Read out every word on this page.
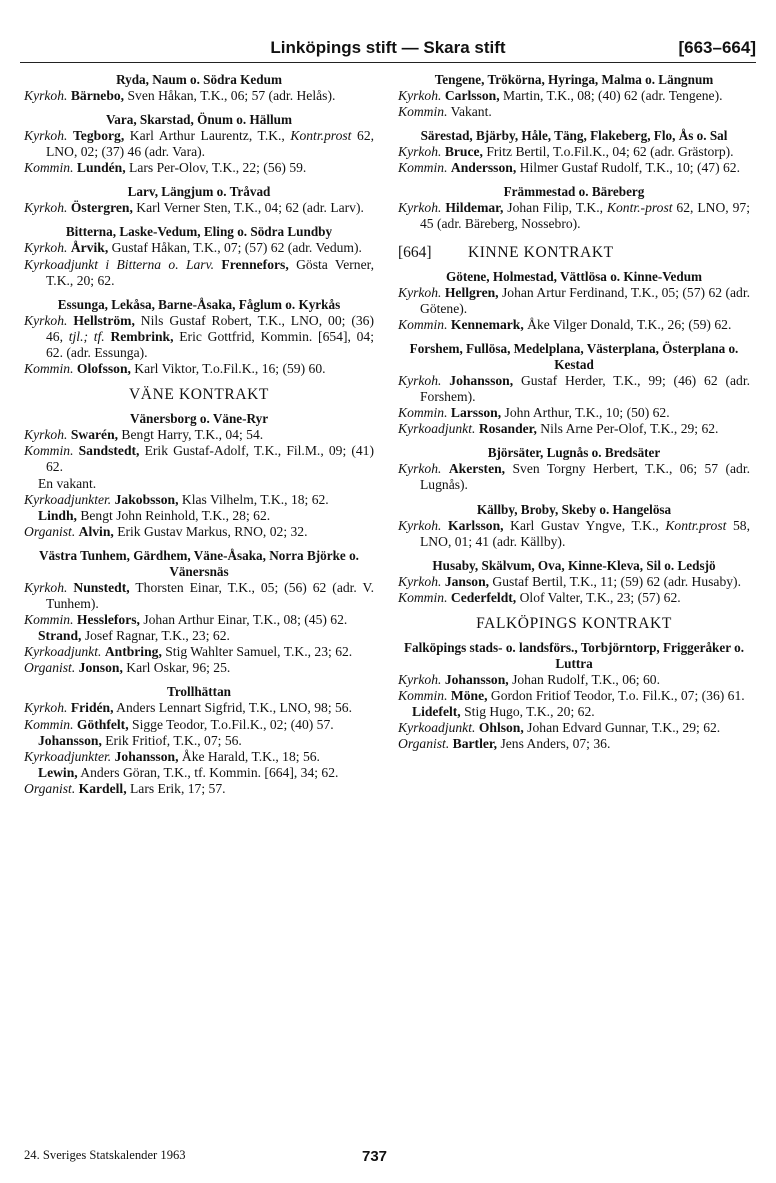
Linköpings stift — Skara stift	[663–664]
Ryda, Naum o. Södra Kedum
Kyrkoh. Bärnebo, Sven Håkan, T.K., 06; 57 (adr. Helås).
Vara, Skarstad, Önum o. Hällum
Kyrkoh. Tegborg, Karl Arthur Laurentz, T.K., Kontr.prost 62, LNO, 02; (37) 46 (adr. Vara).
Kommin. Lundén, Lars Per-Olov, T.K., 22; (56) 59.
Larv, Längjum o. Tråvad
Kyrkoh. Östergren, Karl Verner Sten, T.K., 04; 62 (adr. Larv).
Bitterna, Laske-Vedum, Eling o. Södra Lundby
Kyrkoh. Årvik, Gustaf Håkan, T.K., 07; (57) 62 (adr. Vedum).
Kyrkoadjunkt i Bitterna o. Larv. Frennefors, Gösta Verner, T.K., 20; 62.
Essunga, Lekåsa, Barne-Åsaka, Fåglum o. Kyrkås
Kyrkoh. Hellström, Nils Gustaf Robert, T.K., LNO, 00; (36) 46, tjl.; tf. Rembrink, Eric Gottfrid, Kommin. [654], 04; 62. (adr. Essunga).
Kommin. Olofsson, Karl Viktor, T.o.Fil.K., 16; (59) 60.
VÄNE KONTRAKT
Vänersborg o. Väne-Ryr
Kyrkoh. Swarén, Bengt Harry, T.K., 04; 54.
Kommin. Sandstedt, Erik Gustaf-Adolf, T.K., Fil.M., 09; (41) 62.
En vakant.
Kyrkoadjunkter. Jakobsson, Klas Vilhelm, T.K., 18; 62.
Lindh, Bengt John Reinhold, T.K., 28; 62.
Organist. Alvin, Erik Gustav Markus, RNO, 02; 32.
Västra Tunhem, Gärdhem, Väne-Åsaka, Norra Björke o. Vänersnäs
Kyrkoh. Nunstedt, Thorsten Einar, T.K., 05; (56) 62 (adr. V. Tunhem).
Kommin. Hesslefors, Johan Arthur Einar, T.K., 08; (45) 62.
Strand, Josef Ragnar, T.K., 23; 62.
Kyrkoadjunkt. Antbring, Stig Wahlter Samuel, T.K., 23; 62.
Organist. Jonson, Karl Oskar, 96; 25.
Trollhättan
Kyrkoh. Fridén, Anders Lennart Sigfrid, T.K., LNO, 98; 56.
Kommin. Göthfelt, Sigge Teodor, T.o.Fil.K., 02; (40) 57.
Johansson, Erik Fritiof, T.K., 07; 56.
Kyrkoadjunkter. Johansson, Åke Harald, T.K., 18; 56.
Lewin, Anders Göran, T.K., tf. Kommin. [664], 34; 62.
Organist. Kardell, Lars Erik, 17; 57.
Tengene, Trökörna, Hyringa, Malma o. Längnum
Kyrkoh. Carlsson, Martin, T.K., 08; (40) 62 (adr. Tengene).
Kommin. Vakant.
Särestad, Bjärby, Håle, Täng, Flakeberg, Flo, Ås o. Sal
Kyrkoh. Bruce, Fritz Bertil, T.o.Fil.K., 04; 62 (adr. Grästorp).
Kommin. Andersson, Hilmer Gustaf Rudolf, T.K., 10; (47) 62.
Främmestad o. Bäreberg
Kyrkoh. Hildemar, Johan Filip, T.K., Kontr.-prost 62, LNO, 97; 45 (adr. Bäreberg, Nossebro).
[664]	KINNE KONTRAKT
Götene, Holmestad, Vättlösa o. Kinne-Vedum
Kyrkoh. Hellgren, Johan Artur Ferdinand, T.K., 05; (57) 62 (adr. Götene).
Kommin. Kennemark, Åke Vilger Donald, T.K., 26; (59) 62.
Forshem, Fullösa, Medelplana, Västerplana, Österplana o. Kestad
Kyrkoh. Johansson, Gustaf Herder, T.K., 99; (46) 62 (adr. Forshem).
Kommin. Larsson, John Arthur, T.K., 10; (50) 62.
Kyrkoadjunkt. Rosander, Nils Arne Per-Olof, T.K., 29; 62.
Björsäter, Lugnås o. Bredsäter
Kyrkoh. Akersten, Sven Torgny Herbert, T.K., 06; 57 (adr. Lugnås).
Källby, Broby, Skeby o. Hangelösa
Kyrkoh. Karlsson, Karl Gustav Yngve, T.K., Kontr.prost 58, LNO, 01; 41 (adr. Källby).
Husaby, Skälvum, Ova, Kinne-Kleva, Sil o. Ledsjö
Kyrkoh. Janson, Gustaf Bertil, T.K., 11; (59) 62 (adr. Husaby).
Kommin. Cederfeldt, Olof Valter, T.K., 23; (57) 62.
FALKÖPINGS KONTRAKT
Falköpings stads- o. landsförs., Torbjörntorp, Friggeråker o. Luttra
Kyrkoh. Johansson, Johan Rudolf, T.K., 06; 60.
Kommin. Möne, Gordon Fritiof Teodor, T.o. Fil.K., 07; (36) 61.
Lidefelt, Stig Hugo, T.K., 20; 62.
Kyrkoadjunkt. Ohlson, Johan Edvard Gunnar, T.K., 29; 62.
Organist. Bartler, Jens Anders, 07; 36.
24. Sveriges Statskalender 1963	737
